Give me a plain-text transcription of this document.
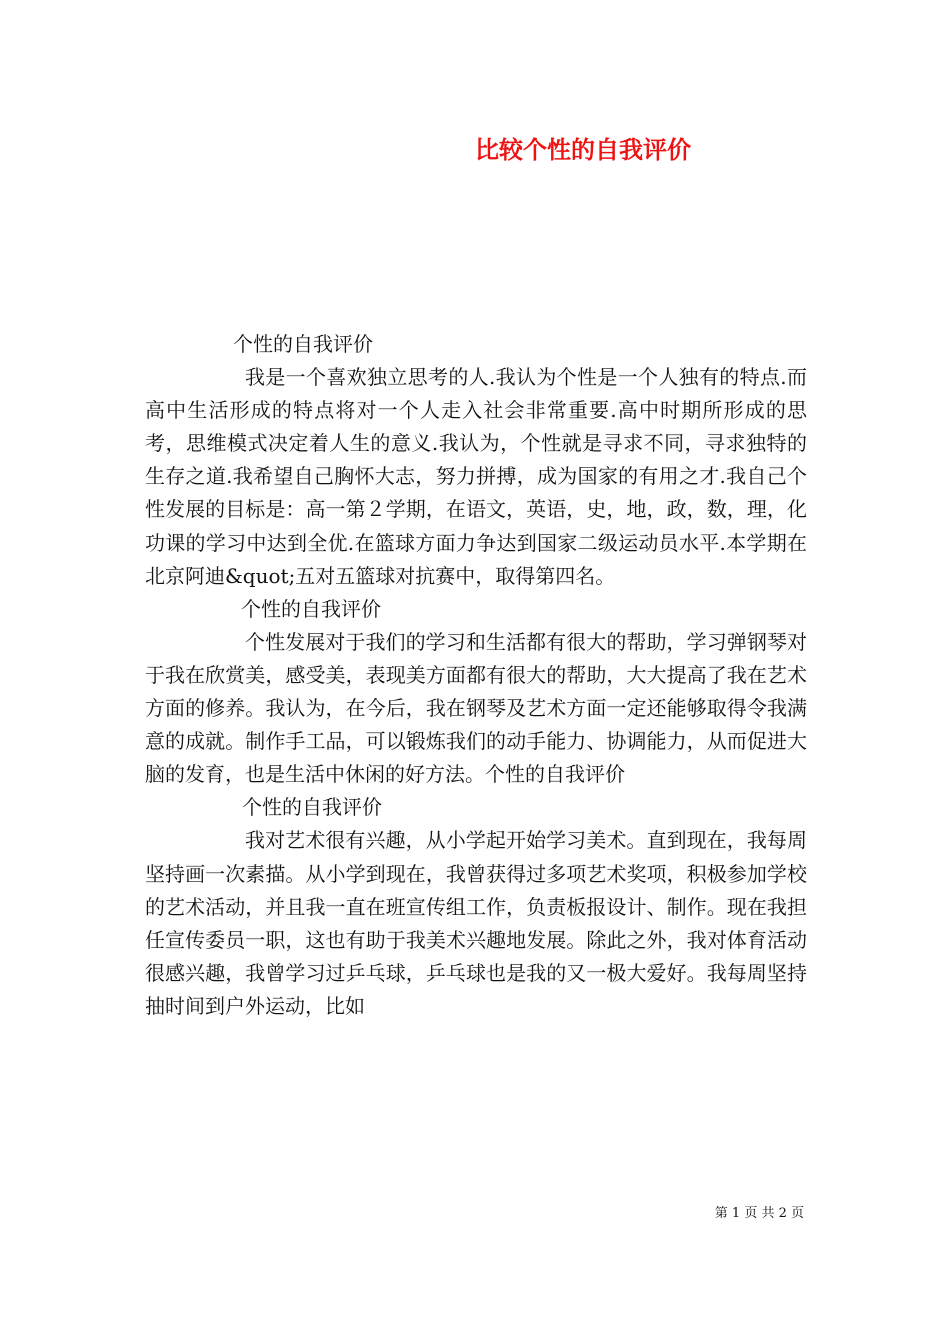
比较个性的自我评价
个性的自我评价

我是一个喜欢独立思考的人.我认为个性是一个人独有的特点.而高中生活形成的特点将对一个人走入社会非常重要.高中时期所形成的思考，思维模式决定着人生的意义.我认为，个性就是寻求不同，寻求独特的生存之道.我希望自己胸怀大志，努力拼搏，成为国家的有用之才.我自己个性发展的目标是：高一第２学期，在语文，英语，史，地，政，数，理，化功课的学习中达到全优.在篮球方面力争达到国家二级运动员水平.本学期在北京阿迪&quot;五对五篮球对抗赛中，取得第四名。

个性的自我评价

个性发展对于我们的学习和生活都有很大的帮助，学习弹钢琴对于我在欣赏美，感受美，表现美方面都有很大的帮助，大大提高了我在艺术方面的修养。我认为，在今后，我在钢琴及艺术方面一定还能够取得令我满意的成就。制作手工品，可以锻炼我们的动手能力、协调能力，从而促进大脑的发育，也是生活中休闲的好方法。个性的自我评价

个性的自我评价

我对艺术很有兴趣，从小学起开始学习美术。直到现在，我每周坚持画一次素描。从小学到现在，我曾获得过多项艺术奖项，积极参加学校的艺术活动，并且我一直在班宣传组工作，负责板报设计、制作。现在我担任宣传委员一职，这也有助于我美术兴趣地发展。除此之外，我对体育活动很感兴趣，我曾学习过乒乓球，乒乓球也是我的又一极大爱好。我每周坚持抽时间到户外运动，比如

第 1 页 共 2 页
